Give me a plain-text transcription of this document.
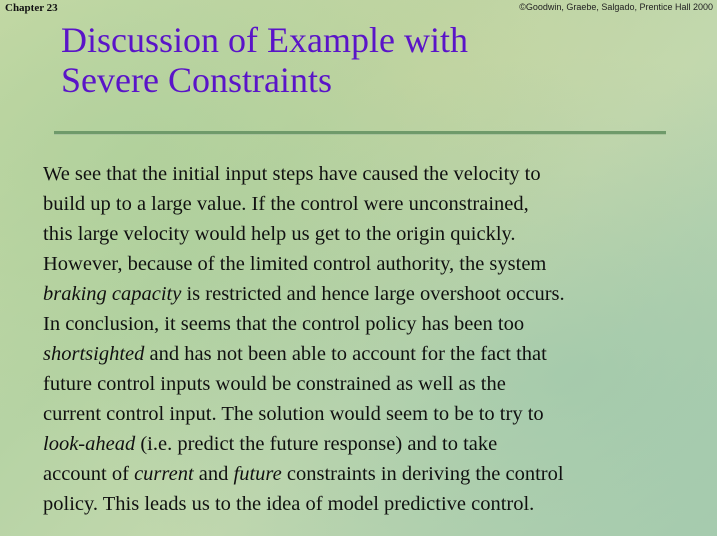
Chapter 23	©Goodwin, Graebe, Salgado, Prentice Hall 2000
Discussion of Example with
Severe Constraints

We see that the initial input steps have caused the velocity to
build up to a large value. If the control were unconstrained,
this large velocity would help us get to the origin quickly.
However, because of the limited control authority, the system
braking capacity is restricted and hence large overshoot occurs.
In conclusion, it seems that the control policy has been too
shortsighted and has not been able to account for the fact that
future control inputs would be constrained as well as the
current control input. The solution would seem to be to try to
look-ahead (i.e. predict the future response) and to take
account of current and future constraints in deriving the control
policy. This leads us to the idea of model predictive control.
